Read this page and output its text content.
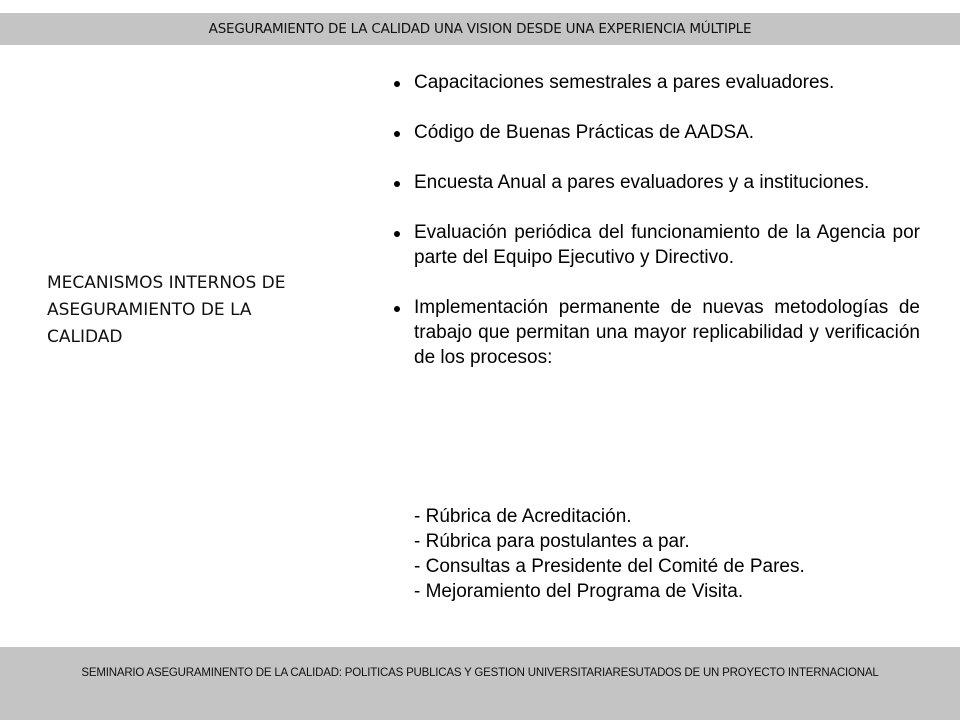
ASEGURAMIENTO DE LA CALIDAD UNA VISION DESDE UNA EXPERIENCIA MÚLTIPLE
MECANISMOS INTERNOS DE
ASEGURAMIENTO DE LA
CALIDAD
Capacitaciones semestrales a pares evaluadores.
Código de Buenas Prácticas de AADSA.
Encuesta Anual a pares evaluadores y a instituciones.
Evaluación periódica del funcionamiento de la Agencia por parte del Equipo Ejecutivo y Directivo.
Implementación permanente de nuevas metodologías de trabajo que permitan una mayor replicabilidad y verificación de los procesos:
- Rúbrica de Acreditación.
- Rúbrica para postulantes a par.
- Consultas a Presidente del Comité de Pares.
- Mejoramiento del Programa de Visita.
SEMINARIO ASEGURAMINENTO DE LA CALIDAD: POLITICAS PUBLICAS Y GESTION UNIVERSITARIARESUTADOS DE UN PROYECTO INTERNACIONAL
